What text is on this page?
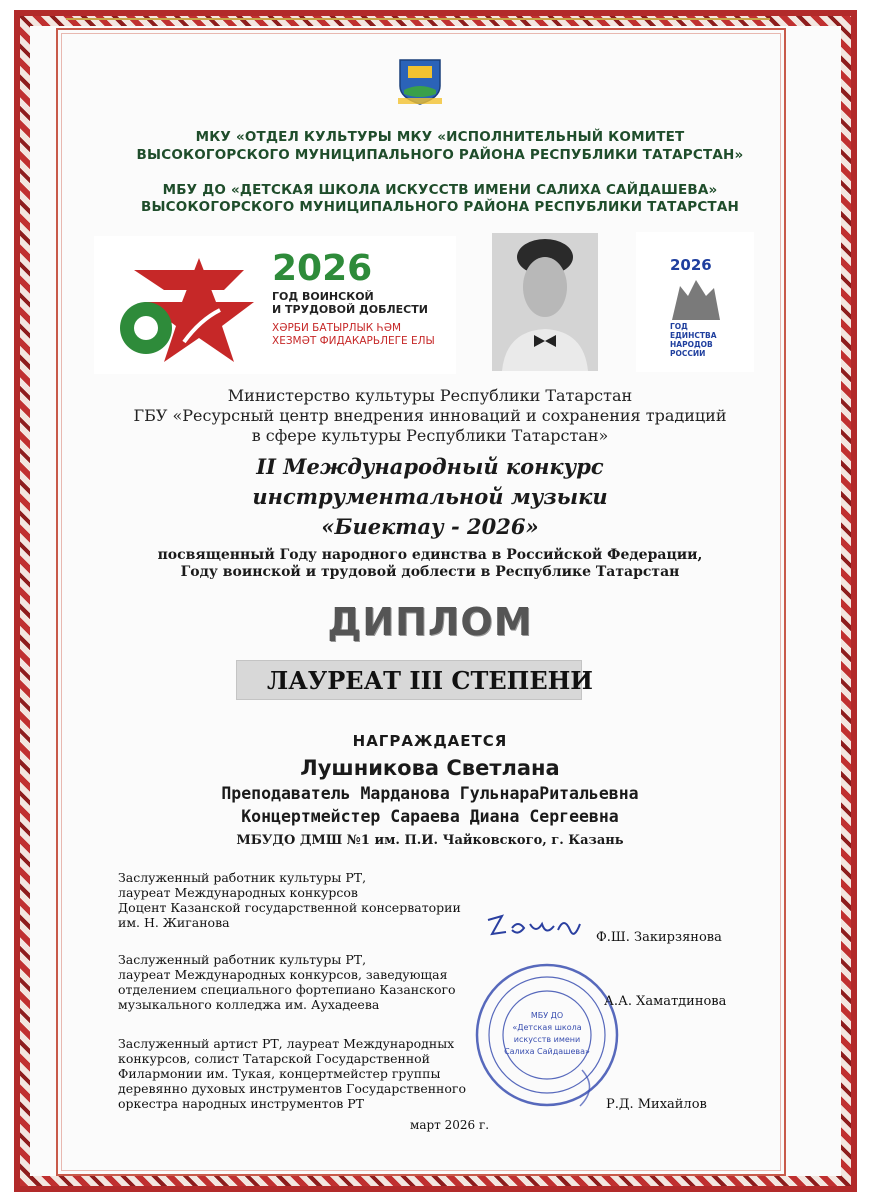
МКУ «ОТДЕЛ КУЛЬТУРЫ МКУ «ИСПОЛНИТЕЛЬНЫЙ КОМИТЕТ
ВЫСОКОГОРСКОГО МУНИЦИПАЛЬНОГО РАЙОНА РЕСПУБЛИКИ ТАТАРСТАН»
МБУ ДО «ДЕТСКАЯ ШКОЛА ИСКУССТВ ИМЕНИ САЛИХА САЙДАШЕВА»
ВЫСОКОГОРСКОГО МУНИЦИПАЛЬНОГО РАЙОНА РЕСПУБЛИКИ ТАТАРСТАН
2026
ГОД ВОИНСКОЙ
И ТРУДОВОЙ ДОБЛЕСТИ
ХӘРБИ БАТЫРЛЫК ҺӘМ
ХЕЗМӘТ ФИДАКАРЬЛЕГЕ ЕЛЫ
2026
ГОД
ЕДИНСТВА
НАРОДОВ
РОССИИ
Министерство культуры Республики Татарстан
ГБУ «Ресурсный центр внедрения инноваций и сохранения традиций
в сфере культуры Республики Татарстан»
II Международный конкурс
инструментальной музыки
«Биектау - 2026»
посвященный Году народного единства в Российской Федерации,
Году воинской и трудовой доблести в Республике Татарстан
ДИПЛОМ
ЛАУРЕАТ III СТЕПЕНИ
НАГРАЖДАЕТСЯ
Лушникова Светлана
Преподаватель Марданова ГульнараРитальевна
Концертмейстер Сараева Диана Сергеевна
МБУДО ДМШ №1 им. П.И. Чайковского, г. Казань
Заслуженный работник культуры РТ,
лауреат Международных конкурсов
Доцент Казанской государственной консерватории
им. Н. Жиганова
Заслуженный работник культуры РТ,
лауреат Международных конкурсов, заведующая
отделением специального фортепиано Казанского
музыкального колледжа им. Аухадеева
Заслуженный артист РТ, лауреат Международных
конкурсов, солист Татарской Государственной
Филармонии им. Тукая, концертмейстер группы
деревянно духовых инструментов Государственного
оркестра народных инструментов РТ
МБУ ДО
«Детская школа
искусств имени
Салиха Сайдашева»
Ф.Ш. Закирзянова
А.А. Хаматдинова
Р.Д. Михайлов
март 2026 г.
